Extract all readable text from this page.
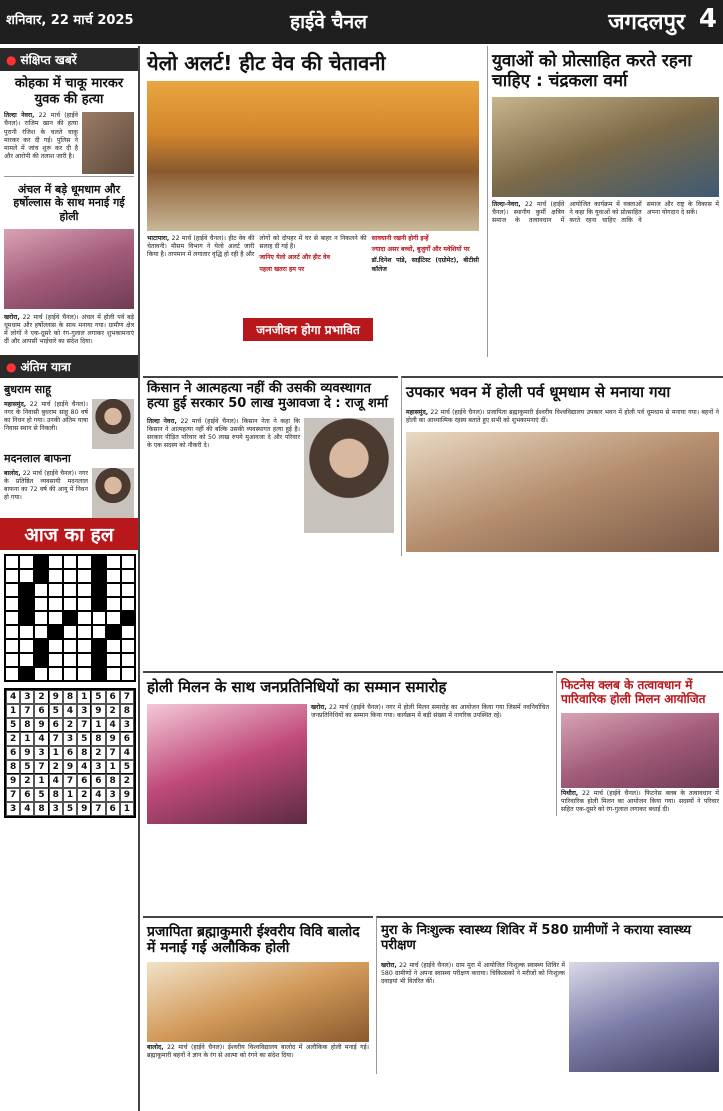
शनिवार, 22 मार्च 2025	हाईवे चैनल	जगदलपुर 4
● संक्षिप्त खबरें
कोहका में चाकू मारकर युवक की हत्या
तिल्दा नेवरा, 22 मार्च (हाईवे चैनल)। राजिम खान की हत्या पुरानी रंजिश के चलते चाकू मारकर कर दी गई। पुलिस ने मामले में जांच शुरू कर दी है और आरोपी की तलाश जारी है।
अंचल में बड़े धूमधाम और हर्षोल्लास के साथ मनाई गई होली
खरोरा, 22 मार्च (हाईवे चैनल)। अंचल में होली पर्व बड़े धूमधाम और हर्षोल्लास के साथ मनाया गया। ग्रामीण क्षेत्र में लोगों ने एक-दूसरे को रंग-गुलाल लगाकर शुभकामनाएं दीं और आपसी भाईचारे का संदेश दिया।
● अंतिम यात्रा
बुधराम साहू
महासमुंद, 22 मार्च (हाईवे चैनल)। नगर के निवासी बुधराम साहू 80 वर्ष का निधन हो गया। उनकी अंतिम यात्रा निवास स्थान से निकली।
मदनलाल बाफना
बालोद, 22 मार्च (हाईवे चैनल)। नगर के प्रतिष्ठित व्यवसायी मदनलाल बाफना का 72 वर्ष की आयु में निधन हो गया।
आज का हल
4 3 2 9 8 1 5 6 7
1 7 6 5 4 3 9 2 8
5 8 9 6 2 7 1 4 3
2 1 4 7 3 5 8 9 6
6 9 3 1 6 8 2 7 4
8 5 7 2 9 4 3 1 5
9 2 1 4 7 6 6 8 2
7 6 5 8 1 2 4 3 9
3 4 8 3 5 9 7 6 1
येलो अलर्ट! हीट वेव की चेतावनी
भाटापारा, 22 मार्च (हाईवे चैनल)। हीट वेव की चेतावनी। मौसम विभाग ने येलो अलर्ट जारी किया है। तापमान में लगातार वृद्धि हो रही है और लोगों को दोपहर में घर से बाहर न निकलने की सलाह दी गई है।
जानिए येलो अलर्ट और हीट वेव
पहला खतरा हम पर
सावधानी रखनी होगी इन्हें
ज्यादा असर बच्चों, बुजुर्गों और मवेशियों पर
डॉ.दिनेश पांडे, साईंटिस्ट (एग्रोमेट), बीटीसी कॉलेज
जनजीवन होगा प्रभावित
युवाओं को प्रोत्साहित करते रहना चाहिए : चंद्रकला वर्मा
तिल्दा-नेवरा, 22 मार्च (हाईवे चैनल)। स्थानीय कुर्मी क्षत्रिय समाज के तत्वावधान में आयोजित कार्यक्रम में वक्ताओं ने कहा कि युवाओं को प्रोत्साहित करते रहना चाहिए ताकि वे समाज और राष्ट्र के विकास में अपना योगदान दे सकें।
किसान ने आत्महत्या नहीं की उसकी व्यवस्थागत हत्या हुई सरकार 50 लाख मुआवजा दे : राजू शर्मा
तिल्दा नेवरा, 22 मार्च (हाईवे चैनल)। किसान नेता ने कहा कि किसान ने आत्महत्या नहीं की बल्कि उसकी व्यवस्थागत हत्या हुई है। सरकार पीड़ित परिवार को 50 लाख रुपये मुआवजा दे और परिवार के एक सदस्य को नौकरी दे।
उपकार भवन में होली पर्व धूमधाम से मनाया गया
महासमुंद, 22 मार्च (हाईवे चैनल)। प्रजापिता ब्रह्माकुमारी ईश्वरीय विश्वविद्यालय उपकार भवन में होली पर्व धूमधाम से मनाया गया। बहनों ने होली का आध्यात्मिक रहस्य बताते हुए सभी को शुभकामनाएं दीं।
होली मिलन के साथ जनप्रतिनिधियों का सम्मान समारोह
खरोरा, 22 मार्च (हाईवे चैनल)। नगर में होली मिलन समारोह का आयोजन किया गया जिसमें नवनिर्वाचित जनप्रतिनिधियों का सम्मान किया गया। कार्यक्रम में बड़ी संख्या में नागरिक उपस्थित रहे।
फिटनेस क्लब के तत्वावधान में पारिवारिक होली मिलन आयोजित
पिथौरा, 22 मार्च (हाईवे चैनल)। फिटनेस क्लब के तत्वावधान में पारिवारिक होली मिलन का आयोजन किया गया। सदस्यों ने परिवार सहित एक-दूसरे को रंग-गुलाल लगाकर बधाई दी।
प्रजापिता ब्रह्माकुमारी ईश्वरीय विवि बालोद में मनाई गई अलौकिक होली
बालोद, 22 मार्च (हाईवे चैनल)। ईश्वरीय विश्वविद्यालय बालोद में अलौकिक होली मनाई गई। ब्रह्माकुमारी बहनों ने ज्ञान के रंग से आत्मा को रंगने का संदेश दिया।
मुरा के निःशुल्क स्वास्थ्य शिविर में 580 ग्रामीणों ने कराया स्वास्थ्य परीक्षण
खरोरा, 22 मार्च (हाईवे चैनल)। ग्राम मुरा में आयोजित निःशुल्क स्वास्थ्य शिविर में 580 ग्रामीणों ने अपना स्वास्थ्य परीक्षण कराया। चिकित्सकों ने मरीजों को निःशुल्क दवाइयां भी वितरित कीं।
